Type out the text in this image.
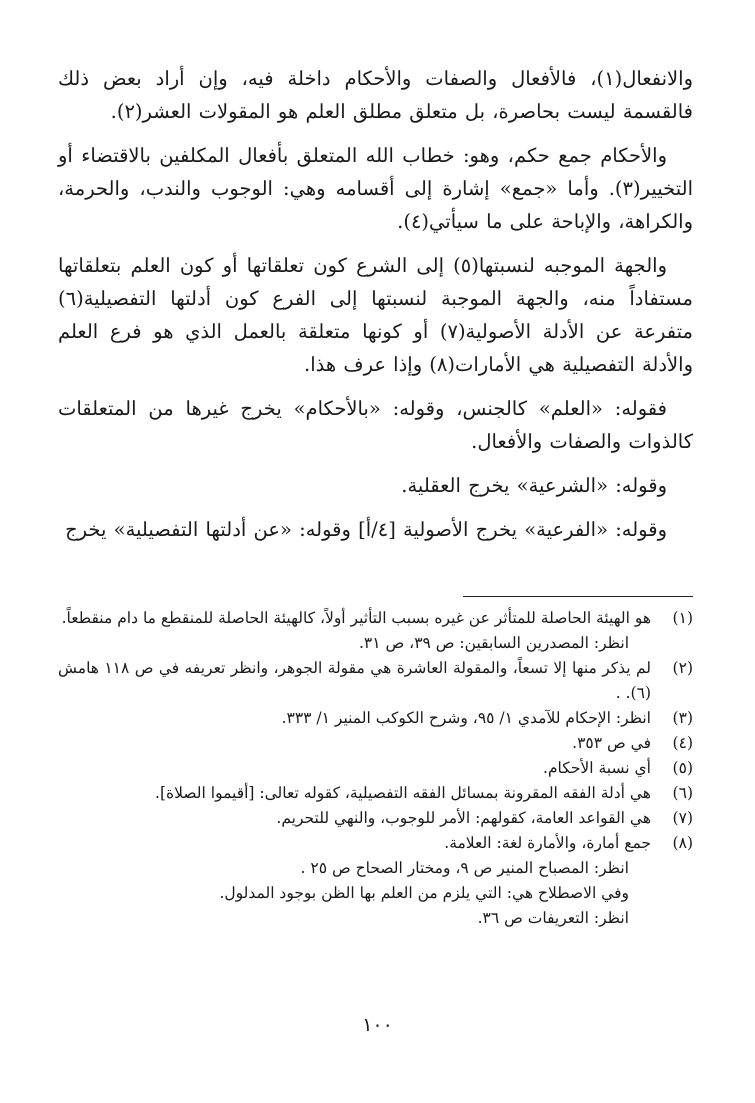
والانفعال(١)، فالأفعال والصفات والأحكام داخلة فيه، وإن أراد بعض ذلك فالقسمة ليست بحاصرة، بل متعلق مطلق العلم هو المقولات العشر(٢).

والأحكام جمع حكم، وهو: خطاب الله المتعلق بأفعال المكلفين بالاقتضاء أو التخيير(٣). وأما «جمع» إشارة إلى أقسامه وهي: الوجوب والندب، والحرمة، والكراهة، والإباحة على ما سيأتي(٤).

والجهة الموجبه لنسبتها(٥) إلى الشرع كون تعلقاتها أو كون العلم بتعلقاتها مستفاداً منه، والجهة الموجبة لنسبتها إلى الفرع كون أدلتها التفصيلية(٦) متفرعة عن الأدلة الأصولية(٧) أو كونها متعلقة بالعمل الذي هو فرع العلم والأدلة التفصيلية هي الأمارات(٨) وإذا عرف هذا.

فقوله: «العلم» كالجنس، وقوله: «بالأحكام» يخرج غيرها من المتعلقات كالذوات والصفات والأفعال.

وقوله: «الشرعية» يخرج العقلية.

وقوله: «الفرعية» يخرج الأصولية [٤/أ] وقوله: «عن أدلتها التفصيلية» يخرج

(١)
هو الهيئة الحاصلة للمتأثر عن غيره بسبب التأثير أولاً، كالهيئة الحاصلة للمنقطع ما دام منقطعاً.
انظر: المصدرين السابقين: ص ٣٩، ص ٣١.

(٢)
لم يذكر منها إلا تسعاً، والمقولة العاشرة هي مقولة الجوهر، وانظر تعريفه في ص ١١٨ هامش (٦). .

(٣)
انظر: الإحكام للآمدي ١/ ٩٥، وشرح الكوكب المنير ١/ ٣٣٣.

(٤)
في ص ٣٥٣.

(٥)
أي نسبة الأحكام.

(٦)
هي أدلة الفقه المقرونة بمسائل الفقه التفصيلية، كقوله تعالى: [أقيموا الصلاة].

(٧)
هي القواعد العامة، كقولهم: الأمر للوجوب، والنهي للتحريم.

(٨)
جمع أمارة، والأمارة لغة: العلامة.
انظر: المصباح المنير ص ٩، ومختار الصحاح ص ٢٥ .
وفي الاصطلاح هي: التي يلزم من العلم بها الظن بوجود المدلول.
انظر: التعريفات ص ٣٦.

١٠٠
